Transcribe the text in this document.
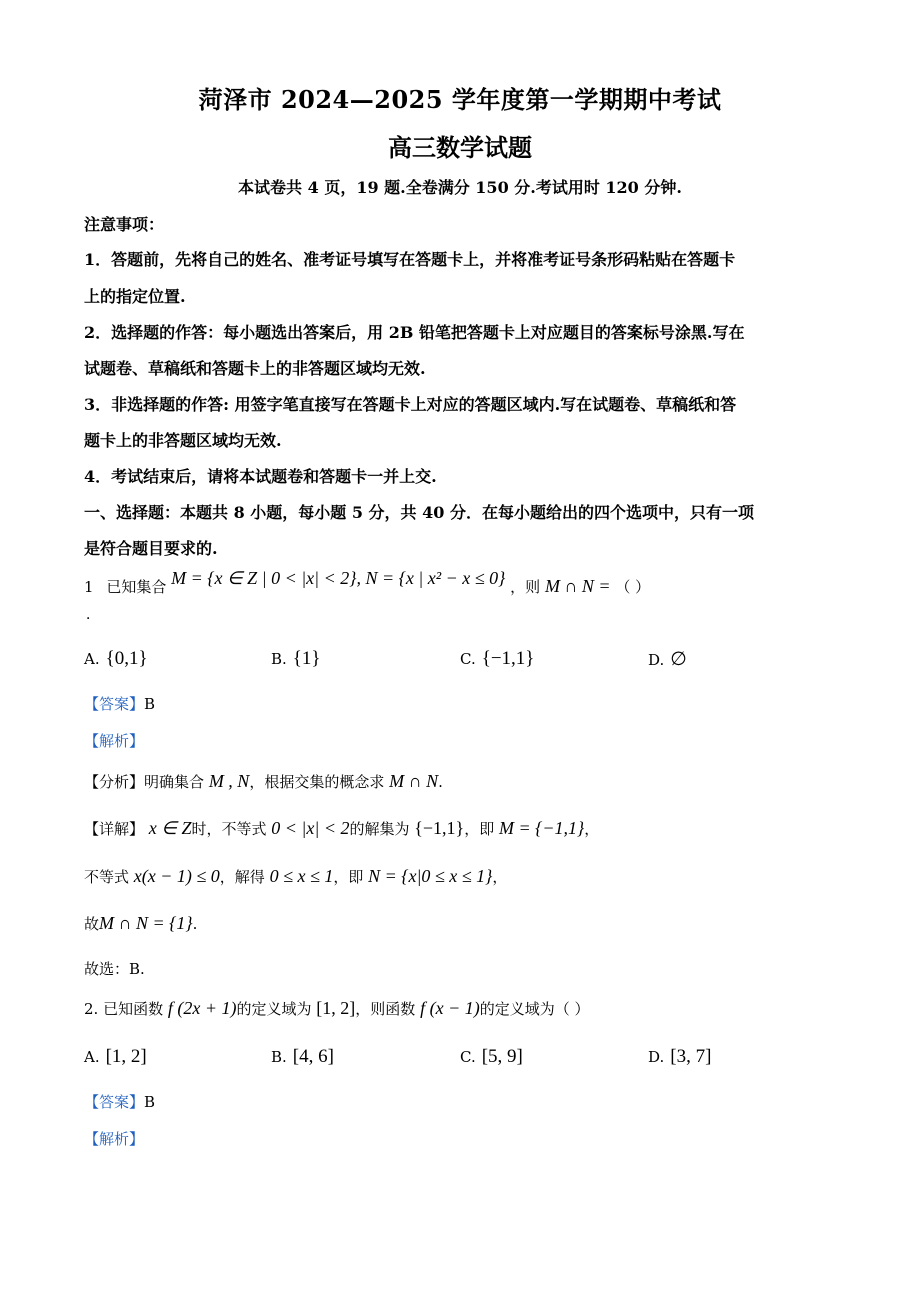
菏泽市 2024—2025 学年度第一学期期中考试
高三数学试题
本试卷共 4 页，19 题.全卷满分 150 分.考试用时 120 分钟.
注意事项：
1．答题前，先将自己的姓名、准考证号填写在答题卡上，并将准考证号条形码粘贴在答题卡
上的指定位置.
2．选择题的作答：每小题选出答案后，用 2B 铅笔把答题卡上对应题目的答案标号涂黑.写在
试题卷、草稿纸和答题卡上的非答题区域均无效.
3．非选择题的作答: 用签字笔直接写在答题卡上对应的答题区域内.写在试题卷、草稿纸和答
题卡上的非答题区域均无效.
4．考试结束后，请将本试题卷和答题卡一并上交.
一、选择题：本题共 8 小题，每小题 5 分，共 40 分．在每小题给出的四个选项中，只有一项
是符合题目要求的.
1 已知集合 M = {x ∈ Z | 0 < |x| < 2}, N = {x | x² − x ≤ 0} ，则 M ∩ N = （ ）
．
A. {0,1}	B. {1}	C. {−1,1}	D. ∅
【答案】B
【解析】
【分析】明确集合 M , N，根据交集的概念求 M ∩ N.
【详解】 x ∈ Z时，不等式 0 < |x| < 2的解集为 {−1,1}，即 M = {−1,1}，
不等式 x(x − 1) ≤ 0，解得 0 ≤ x ≤ 1，即 N = {x|0 ≤ x ≤ 1}，
故M ∩ N = {1}.
故选：B.
2. 已知函数 f (2x + 1)的定义域为 [1, 2]，则函数 f (x − 1)的定义域为（ ）
A. [1, 2]	B. [4, 6]	C. [5, 9]	D. [3, 7]
【答案】B
【解析】
